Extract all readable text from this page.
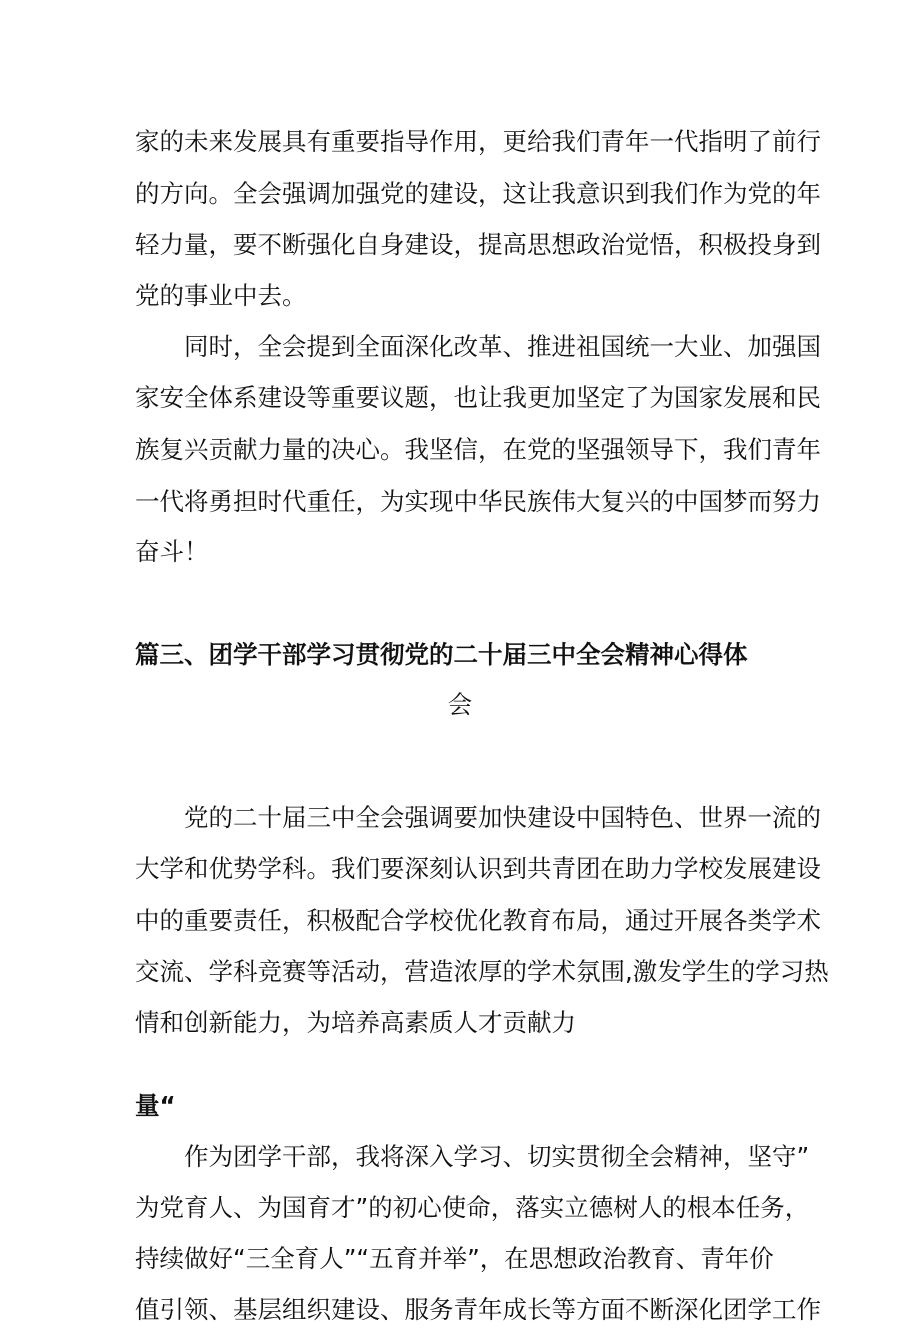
家的未来发展具有重要指导作用，更给我们青年一代指明了前行
的方向。全会强调加强党的建设，这让我意识到我们作为党的年
轻力量，要不断强化自身建设，提高思想政治觉悟，积极投身到
党的事业中去。
同时，全会提到全面深化改革、推进祖国统一大业、加强国
家安全体系建设等重要议题，也让我更加坚定了为国家发展和民
族复兴贡献力量的决心。我坚信，在党的坚强领导下，我们青年
一代将勇担时代重任，为实现中华民族伟大复兴的中国梦而努力
奋斗！
篇三、团学干部学习贯彻党的二十届三中全会精神心得体
会
党的二十届三中全会强调要加快建设中国特色、世界一流的
大学和优势学科。我们要深刻认识到共青团在助力学校发展建设
中的重要责任，积极配合学校优化教育布局，通过开展各类学术
交流、学科竞赛等活动，营造浓厚的学术氛围,激发学生的学习热
情和创新能力，为培养高素质人才贡献力
量“
作为团学干部，我将深入学习、切实贯彻全会精神，坚守”
为党育人、为国育才”的初心使命，落实立德树人的根本任务，
持续做好“三全育人”“五育并举”，在思想政治教育、青年价
值引领、基层组织建设、服务青年成长等方面不断深化团学工作
